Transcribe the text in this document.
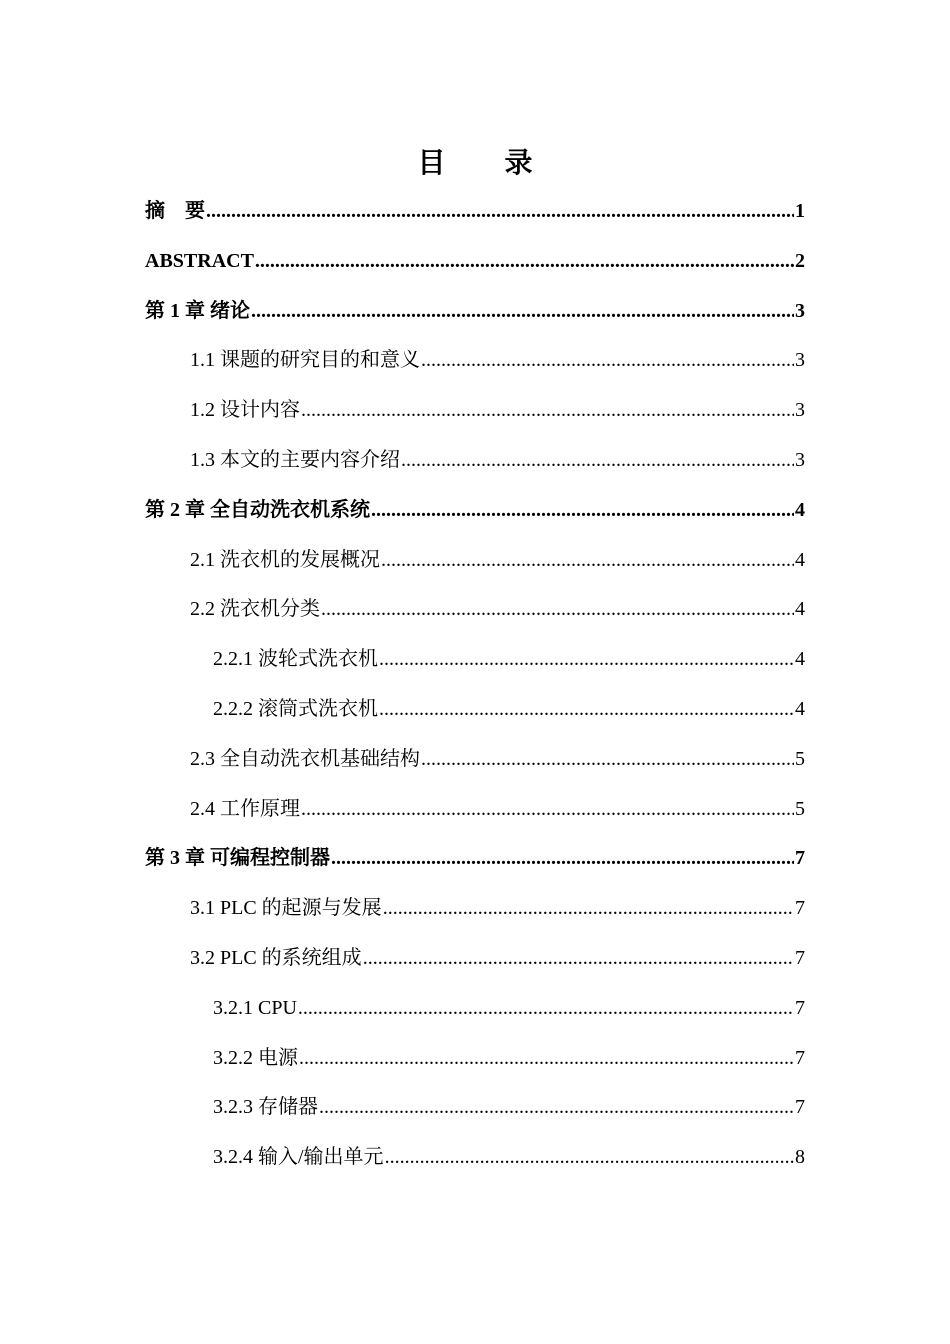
目 录
摘　要 .....	1
ABSTRACT .....	2
第 1 章 绪论 .....	3
1.1 课题的研究目的和意义 .....	3
1.2 设计内容 .....	3
1.3 本文的主要内容介绍 .....	3
第 2 章 全自动洗衣机系统 .....	4
2.1 洗衣机的发展概况 .....	4
2.2 洗衣机分类 .....	4
2.2.1 波轮式洗衣机 .....	4
2.2.2 滚筒式洗衣机 .....	4
2.3 全自动洗衣机基础结构 .....	5
2.4 工作原理 .....	5
第 3 章 可编程控制器 .....	7
3.1 PLC 的起源与发展 .....	7
3.2 PLC 的系统组成 .....	7
3.2.1 CPU .....	7
3.2.2 电源 .....	7
3.2.3 存储器 .....	7
3.2.4 输入/输出单元 .....	8
